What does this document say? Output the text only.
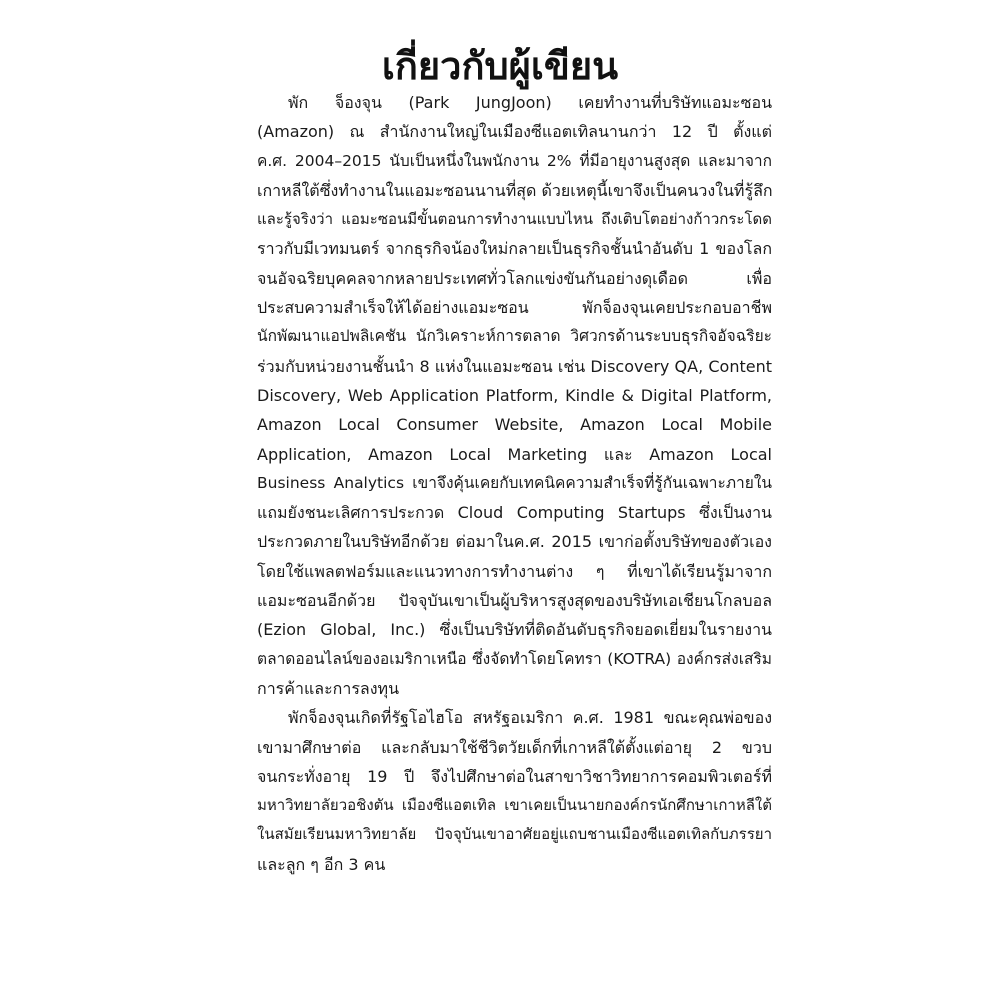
เกี่ยวกับผู้เขียน
พัก จ็องจุน (Park JungJoon) เคยทำงานที่บริษัทแอมะซอน
(Amazon) ณ สำนักงานใหญ่ในเมืองซีแอตเทิลนานกว่า 12 ปี ตั้งแต่
ค.ศ. 2004–2015 นับเป็นหนึ่งในพนักงาน 2% ที่มีอายุงานสูงสุด และมาจาก
เกาหลีใต้ซึ่งทำงานในแอมะซอนนานที่สุด ด้วยเหตุนี้เขาจึงเป็นคนวงในที่รู้ลึก
และรู้จริงว่า แอมะซอนมีขั้นตอนการทำงานแบบไหน ถึงเติบโตอย่างก้าวกระโดด
ราวกับมีเวทมนตร์ จากธุรกิจน้องใหม่กลายเป็นธุรกิจชั้นนำอันดับ 1 ของโลก
จนอัจฉริยบุคคลจากหลายประเทศทั่วโลกแข่งขันกันอย่างดุเดือด เพื่อ
ประสบความสำเร็จให้ได้อย่างแอมะซอน พักจ็องจุนเคยประกอบอาชีพ
นักพัฒนาแอปพลิเคชัน นักวิเคราะห์การตลาด วิศวกรด้านระบบธุรกิจอัจฉริยะ
ร่วมกับหน่วยงานชั้นนำ 8 แห่งในแอมะซอน เช่น Discovery QA, Content
Discovery, Web Application Platform, Kindle & Digital Platform,
Amazon Local Consumer Website, Amazon Local Mobile
Application, Amazon Local Marketing และ Amazon Local
Business Analytics เขาจึงคุ้นเคยกับเทคนิคความสำเร็จที่รู้กันเฉพาะภายใน
แถมยังชนะเลิศการประกวด Cloud Computing Startups ซึ่งเป็นงาน
ประกวดภายในบริษัทอีกด้วย ต่อมาในค.ศ. 2015 เขาก่อตั้งบริษัทของตัวเอง
โดยใช้แพลตฟอร์มและแนวทางการทำงานต่าง ๆ ที่เขาได้เรียนรู้มาจาก
แอมะซอนอีกด้วย ปัจจุบันเขาเป็นผู้บริหารสูงสุดของบริษัทเอเชียนโกลบอล
(Ezion Global, Inc.) ซึ่งเป็นบริษัทที่ติดอันดับธุรกิจยอดเยี่ยมในรายงาน
ตลาดออนไลน์ของอเมริกาเหนือ ซึ่งจัดทำโดยโคทรา (KOTRA) องค์กรส่งเสริม
การค้าและการลงทุน
พักจ็องจุนเกิดที่รัฐโอไฮโอ สหรัฐอเมริกา ค.ศ. 1981 ขณะคุณพ่อของ
เขามาศึกษาต่อ และกลับมาใช้ชีวิตวัยเด็กที่เกาหลีใต้ตั้งแต่อายุ 2 ขวบ
จนกระทั่งอายุ 19 ปี จึงไปศึกษาต่อในสาขาวิชาวิทยาการคอมพิวเตอร์ที่
มหาวิทยาลัยวอชิงตัน เมืองซีแอตเทิล เขาเคยเป็นนายกองค์กรนักศึกษาเกาหลีใต้
ในสมัยเรียนมหาวิทยาลัย ปัจจุบันเขาอาศัยอยู่แถบชานเมืองซีแอตเทิลกับภรรยา
และลูก ๆ อีก 3 คน
